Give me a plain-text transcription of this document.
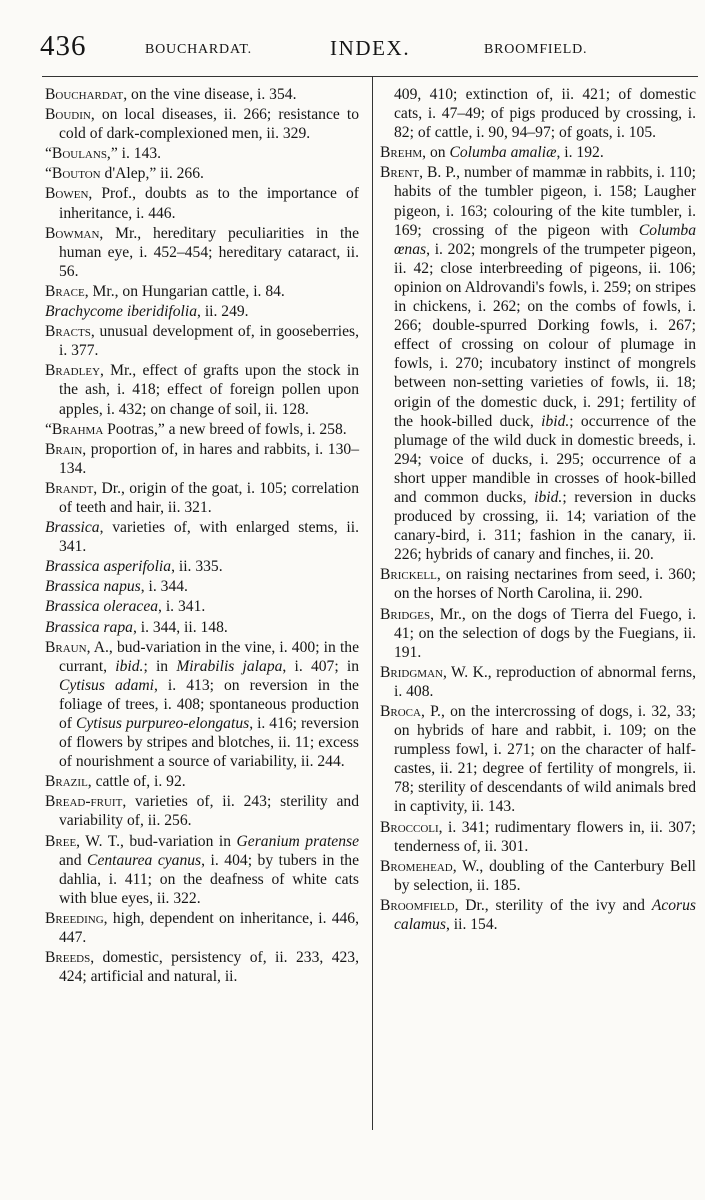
436	BOUCHARDAT.	INDEX.	BROOMFIELD.
Bouchardat, on the vine disease, i. 354.
Boudin, on local diseases, ii. 266; resistance to cold of dark-complexioned men, ii. 329.
“Boulans,” i. 143.
“Bouton d'Alep,” ii. 266.
Bowen, Prof., doubts as to the importance of inheritance, i. 446.
Bowman, Mr., hereditary peculiarities in the human eye, i. 452–454; hereditary cataract, ii. 56.
Brace, Mr., on Hungarian cattle, i. 84.
Brachycome iberidifolia, ii. 249.
Bracts, unusual development of, in gooseberries, i. 377.
Bradley, Mr., effect of grafts upon the stock in the ash, i. 418; effect of foreign pollen upon apples, i. 432; on change of soil, ii. 128.
“Brahma Pootras,” a new breed of fowls, i. 258.
Brain, proportion of, in hares and rabbits, i. 130–134.
Brandt, Dr., origin of the goat, i. 105; correlation of teeth and hair, ii. 321.
Brassica, varieties of, with enlarged stems, ii. 341.
Brassica asperifolia, ii. 335.
Brassica napus, i. 344.
Brassica oleracea, i. 341.
Brassica rapa, i. 344, ii. 148.
Braun, A., bud-variation in the vine, i. 400; in the currant, ibid.; in Mirabilis jalapa, i. 407; in Cytisus adami, i. 413; on reversion in the foliage of trees, i. 408; spontaneous production of Cytisus purpureo-elongatus, i. 416; reversion of flowers by stripes and blotches, ii. 11; excess of nourishment a source of variability, ii. 244.
Brazil, cattle of, i. 92.
Bread-fruit, varieties of, ii. 243; sterility and variability of, ii. 256.
Bree, W. T., bud-variation in Geranium pratense and Centaurea cyanus, i. 404; by tubers in the dahlia, i. 411; on the deafness of white cats with blue eyes, ii. 322.
Breeding, high, dependent on inheritance, i. 446, 447.
Breeds, domestic, persistency of, ii. 233, 423, 424; artificial and natural, ii.
409, 410; extinction of, ii. 421; of domestic cats, i. 47–49; of pigs produced by crossing, i. 82; of cattle, i. 90, 94–97; of goats, i. 105.
Brehm, on Columba amaliæ, i. 192.
Brent, B. P., number of mammæ in rabbits, i. 110; habits of the tumbler pigeon, i. 158; Laugher pigeon, i. 163; colouring of the kite tumbler, i. 169; crossing of the pigeon with Columba œnas, i. 202; mongrels of the trumpeter pigeon, ii. 42; close interbreeding of pigeons, ii. 106; opinion on Aldrovandi's fowls, i. 259; on stripes in chickens, i. 262; on the combs of fowls, i. 266; double-spurred Dorking fowls, i. 267; effect of crossing on colour of plumage in fowls, i. 270; incubatory instinct of mongrels between non-setting varieties of fowls, ii. 18; origin of the domestic duck, i. 291; fertility of the hook-billed duck, ibid.; occurrence of the plumage of the wild duck in domestic breeds, i. 294; voice of ducks, i. 295; occurrence of a short upper mandible in crosses of hook-billed and common ducks, ibid.; reversion in ducks produced by crossing, ii. 14; variation of the canary-bird, i. 311; fashion in the canary, ii. 226; hybrids of canary and finches, ii. 20.
Brickell, on raising nectarines from seed, i. 360; on the horses of North Carolina, ii. 290.
Bridges, Mr., on the dogs of Tierra del Fuego, i. 41; on the selection of dogs by the Fuegians, ii. 191.
Bridgman, W. K., reproduction of abnormal ferns, i. 408.
Broca, P., on the intercrossing of dogs, i. 32, 33; on hybrids of hare and rabbit, i. 109; on the rumpless fowl, i. 271; on the character of half-castes, ii. 21; degree of fertility of mongrels, ii. 78; sterility of descendants of wild animals bred in captivity, ii. 143.
Broccoli, i. 341; rudimentary flowers in, ii. 307; tenderness of, ii. 301.
Bromehead, W., doubling of the Canterbury Bell by selection, ii. 185.
Broomfield, Dr., sterility of the ivy and Acorus calamus, ii. 154.
